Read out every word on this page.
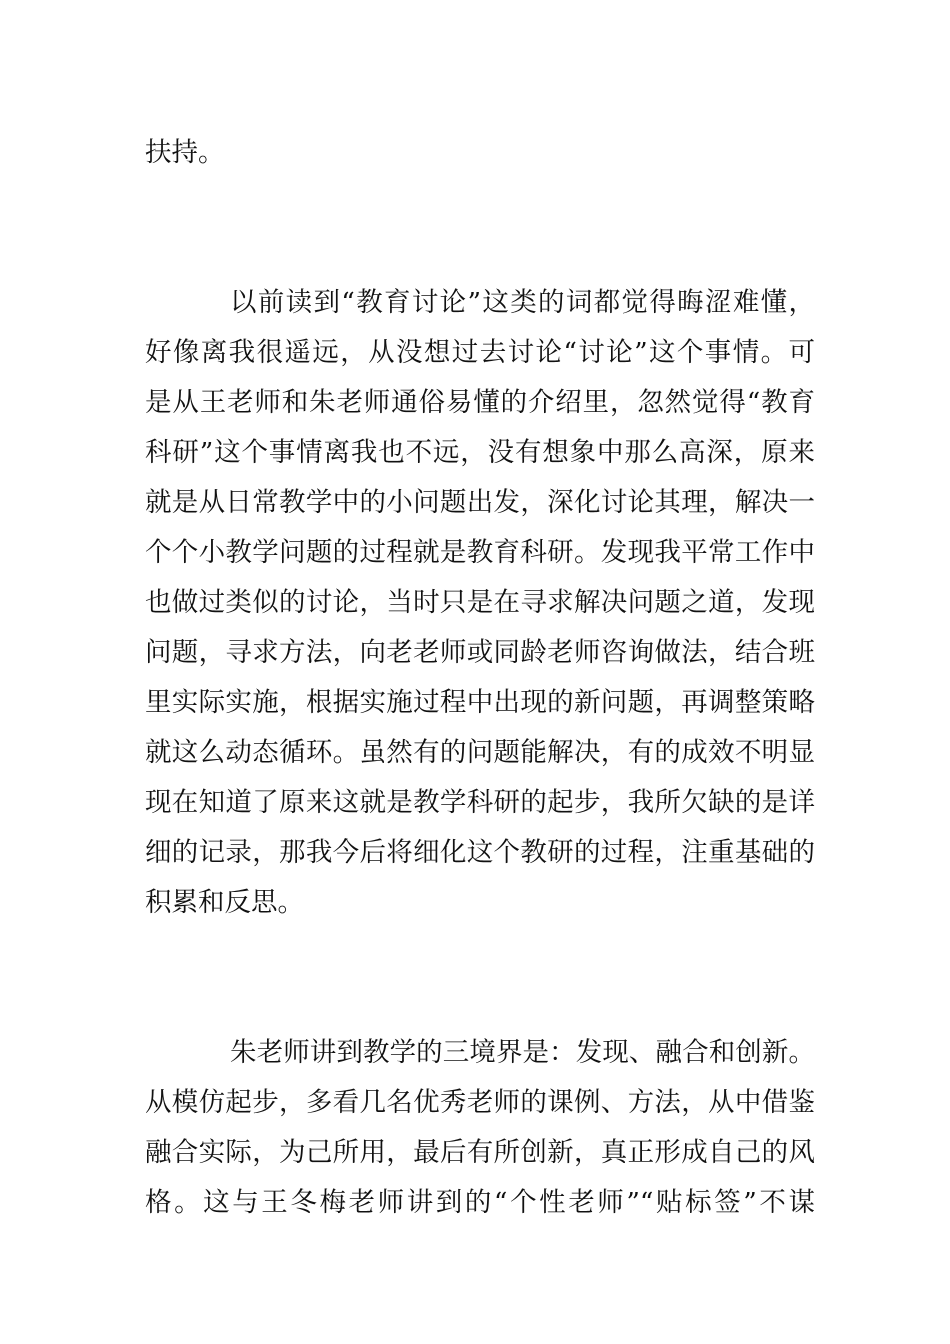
扶持。
以前读到“教育讨论”这类的词都觉得晦涩难懂，
好像离我很遥远，从没想过去讨论“讨论”这个事情。可
是从王老师和朱老师通俗易懂的介绍里，忽然觉得“教育
科研”这个事情离我也不远，没有想象中那么高深，原来
就是从日常教学中的小问题出发，深化讨论其理，解决一
个个小教学问题的过程就是教育科研。发现我平常工作中
也做过类似的讨论，当时只是在寻求解决问题之道，发现
问题，寻求方法，向老老师或同龄老师咨询做法，结合班
里实际实施，根据实施过程中出现的新问题，再调整策略
就这么动态循环。虽然有的问题能解决，有的成效不明显
现在知道了原来这就是教学科研的起步，我所欠缺的是详
细的记录，那我今后将细化这个教研的过程，注重基础的
积累和反思。
朱老师讲到教学的三境界是：发现、融合和创新。
从模仿起步，多看几名优秀老师的课例、方法，从中借鉴
融合实际，为己所用，最后有所创新，真正形成自己的风
格。这与王冬梅老师讲到的“个性老师”“贴标签”不谋
